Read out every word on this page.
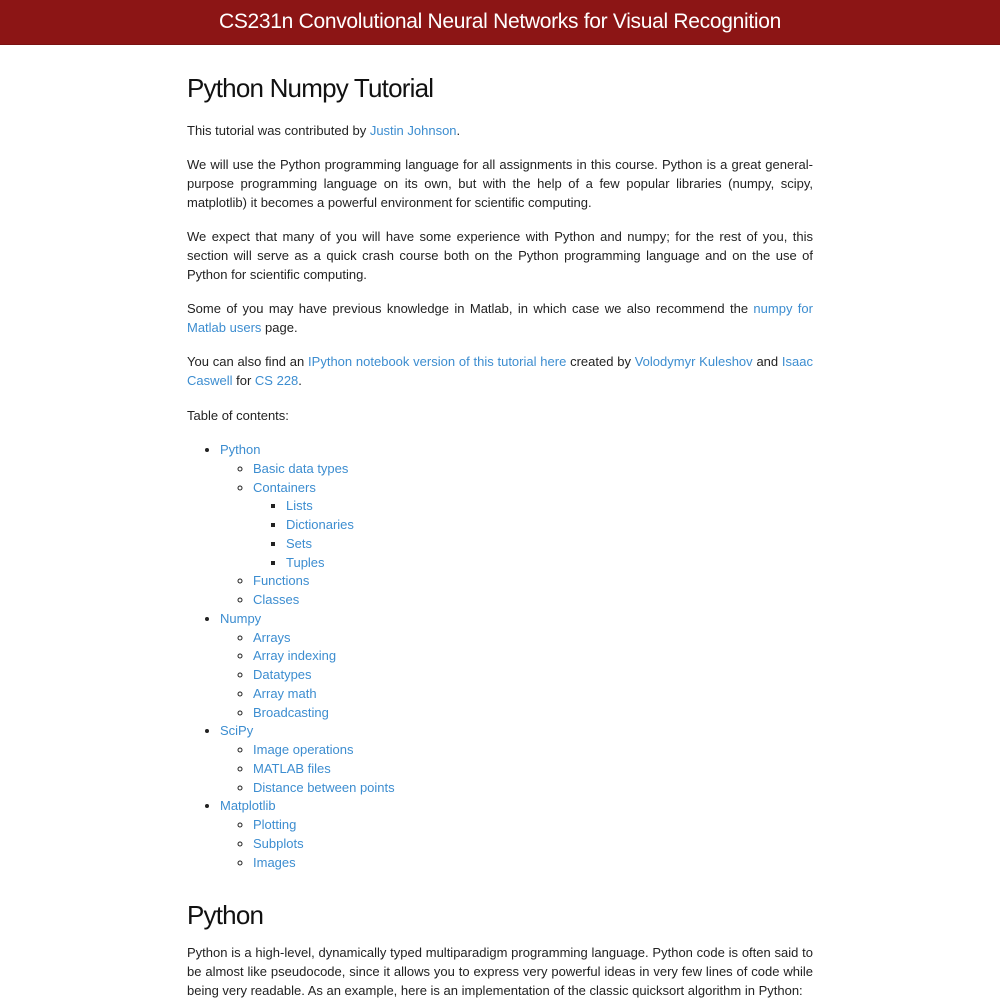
CS231n Convolutional Neural Networks for Visual Recognition
Python Numpy Tutorial

This tutorial was contributed by Justin Johnson.

We will use the Python programming language for all assignments in this course. Python is a great general-purpose programming language on its own, but with the help of a few popular libraries (numpy, scipy, matplotlib) it becomes a powerful environment for scientific computing.

We expect that many of you will have some experience with Python and numpy; for the rest of you, this section will serve as a quick crash course both on the Python programming language and on the use of Python for scientific computing.

Some of you may have previous knowledge in Matlab, in which case we also recommend the numpy for Matlab users page.

You can also find an IPython notebook version of this tutorial here created by Volodymyr Kuleshov and Isaac Caswell for CS 228.

Table of contents:

• Python
◦ Basic data types
◦ Containers
▪ Lists
▪ Dictionaries
▪ Sets
▪ Tuples
◦ Functions
◦ Classes
• Numpy
◦ Arrays
◦ Array indexing
◦ Datatypes
◦ Array math
◦ Broadcasting
• SciPy
◦ Image operations
◦ MATLAB files
◦ Distance between points
• Matplotlib
◦ Plotting
◦ Subplots
◦ Images
Python

Python is a high-level, dynamically typed multiparadigm programming language. Python code is often said to be almost like pseudocode, since it allows you to express very powerful ideas in very few lines of code while being very readable. As an example, here is an implementation of the classic quicksort algorithm in Python:
